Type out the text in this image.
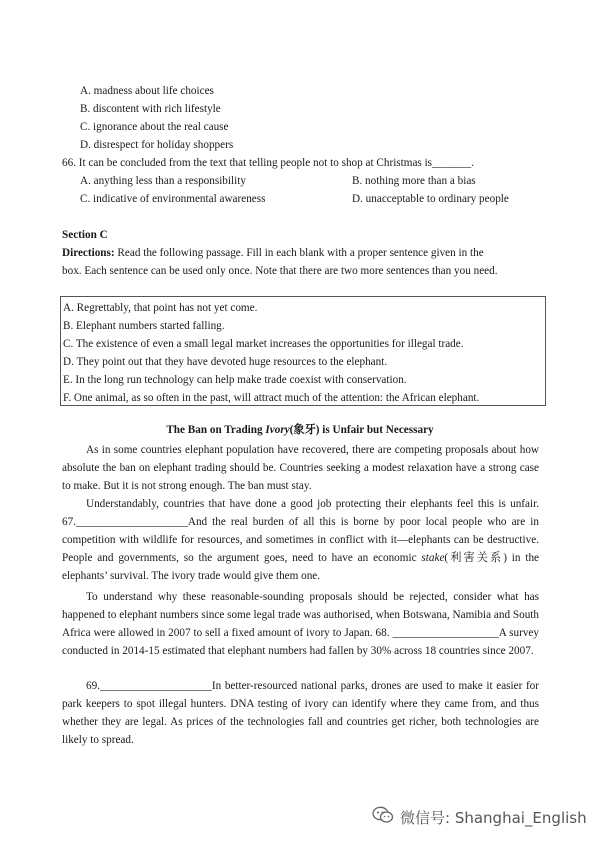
A. madness about life choices
B. discontent with rich lifestyle
C. ignorance about the real cause
D. disrespect for holiday shoppers
66. It can be concluded from the text that telling people not to shop at Christmas is_______.
A. anything less than a responsibility	B. nothing more than a bias
C. indicative of environmental awareness	D. unacceptable to ordinary people
Section C
Directions: Read the following passage. Fill in each blank with a proper sentence given in the
box. Each sentence can be used only once. Note that there are two more sentences than you need.
A. Regrettably, that point has not yet come.
B. Elephant numbers started falling.
C. The existence of even a small legal market increases the opportunities for illegal trade.
D. They point out that they have devoted huge resources to the elephant.
E. In the long run technology can help make trade coexist with conservation.
F. One animal, as so often in the past, will attract much of the attention: the African elephant.
The Ban on Trading Ivory(象牙) is Unfair but Necessary
As in some countries elephant population have recovered, there are competing proposals about how absolute the ban on elephant trading should be. Countries seeking a modest relaxation have a strong case to make. But it is not strong enough. The ban must stay.
Understandably, countries that have done a good job protecting their elephants feel this is unfair. 67.____________________And the real burden of all this is borne by poor local people who are in competition with wildlife for resources, and sometimes in conflict with it—elephants can be destructive. People and governments, so the argument goes, need to have an economic stake(利害关系) in the elephants’ survival. The ivory trade would give them one.
To understand why these reasonable-sounding proposals should be rejected, consider what has happened to elephant numbers since some legal trade was authorised, when Botswana, Namibia and South Africa were allowed in 2007 to sell a fixed amount of ivory to Japan. 68. ___________________A survey conducted in 2014-15 estimated that elephant numbers had fallen by 30% across 18 countries since 2007.
69.____________________In better-resourced national parks, drones are used to make it easier for park keepers to spot illegal hunters. DNA testing of ivory can identify where they came from, and thus whether they are legal. As prices of the technologies fall and countries get richer, both technologies are likely to spread.
微信号: Shanghai_English
